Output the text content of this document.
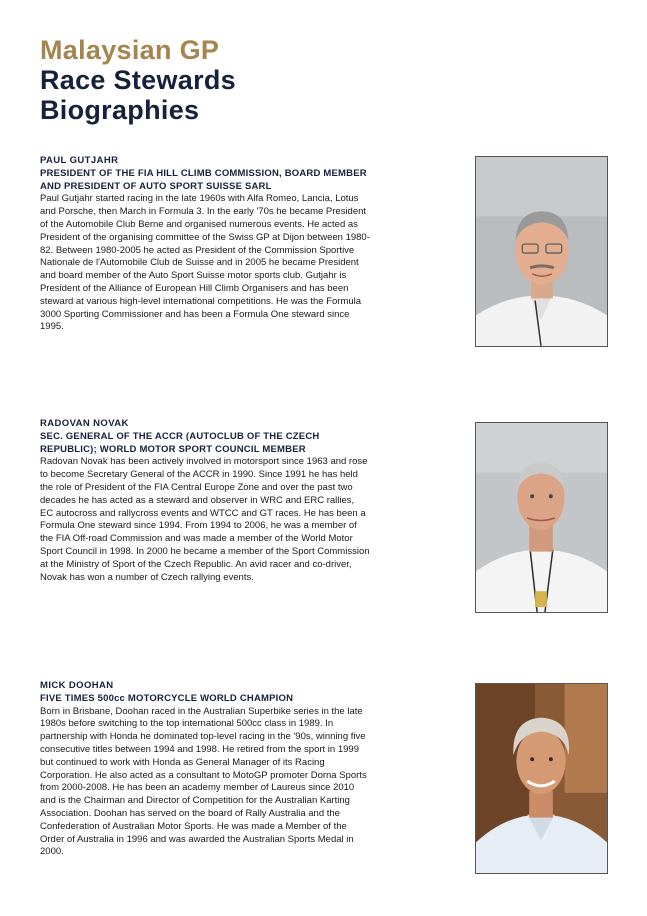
Malaysian GP
Race Stewards
Biographies
PAUL GUTJAHR
PRESIDENT OF THE FIA HILL CLIMB COMMISSION, BOARD MEMBER AND PRESIDENT OF AUTO SPORT SUISSE SARL
Paul Gutjahr started racing in the late 1960s with Alfa Romeo, Lancia, Lotus and Porsche, then March in Formula 3. In the early '70s he became President of the Automobile Club Berne and organised numerous events. He acted as President of the organising committee of the Swiss GP at Dijon between 1980-82. Between 1980-2005 he acted as President of the Commission Sportive Nationale de l'Automobile Club de Suisse and in 2005 he became President and board member of the Auto Sport Suisse motor sports club. Gutjahr is President of the Alliance of European Hill Climb Organisers and has been steward at various high-level international competitions. He was the Formula 3000 Sporting Commissioner and has been a Formula One steward since 1995.
RADOVAN NOVAK
SEC. GENERAL OF THE ACCR (AUTOCLUB OF THE CZECH REPUBLIC); WORLD MOTOR SPORT COUNCIL MEMBER
Radovan Novak has been actively involved in motorsport since 1963 and rose to become Secretary General of the ACCR in 1990. Since 1991 he has held the role of President of the FIA Central Europe Zone and over the past two decades he has acted as a steward and observer in WRC and ERC rallies, EC autocross and rallycross events and WTCC and GT races. He has been a Formula One steward since 1994. From 1994 to 2006, he was a member of the FIA Off-road Commission and was made a member of the World Motor Sport Council in 1998. In 2000 he became a member of the Sport Commission at the Ministry of Sport of the Czech Republic. An avid racer and co-driver, Novak has won a number of Czech rallying events.
MICK DOOHAN
FIVE TIMES 500cc MOTORCYCLE WORLD CHAMPION
Born in Brisbane, Doohan raced in the Australian Superbike series in the late 1980s before switching to the top international 500cc class in 1989. In partnership with Honda he dominated top-level racing in the '90s, winning five consecutive titles between 1994 and 1998. He retired from the sport in 1999 but continued to work with Honda as General Manager of its Racing Corporation. He also acted as a consultant to MotoGP promoter Dorna Sports from 2000-2008. He has been an academy member of Laureus since 2010 and is the Chairman and Director of Competition for the Australian Karting Association. Doohan has served on the board of Rally Australia and the Confederation of Australian Motor Sports. He was made a Member of the Order of Australia in 1996 and was awarded the Australian Sports Medal in 2000.
